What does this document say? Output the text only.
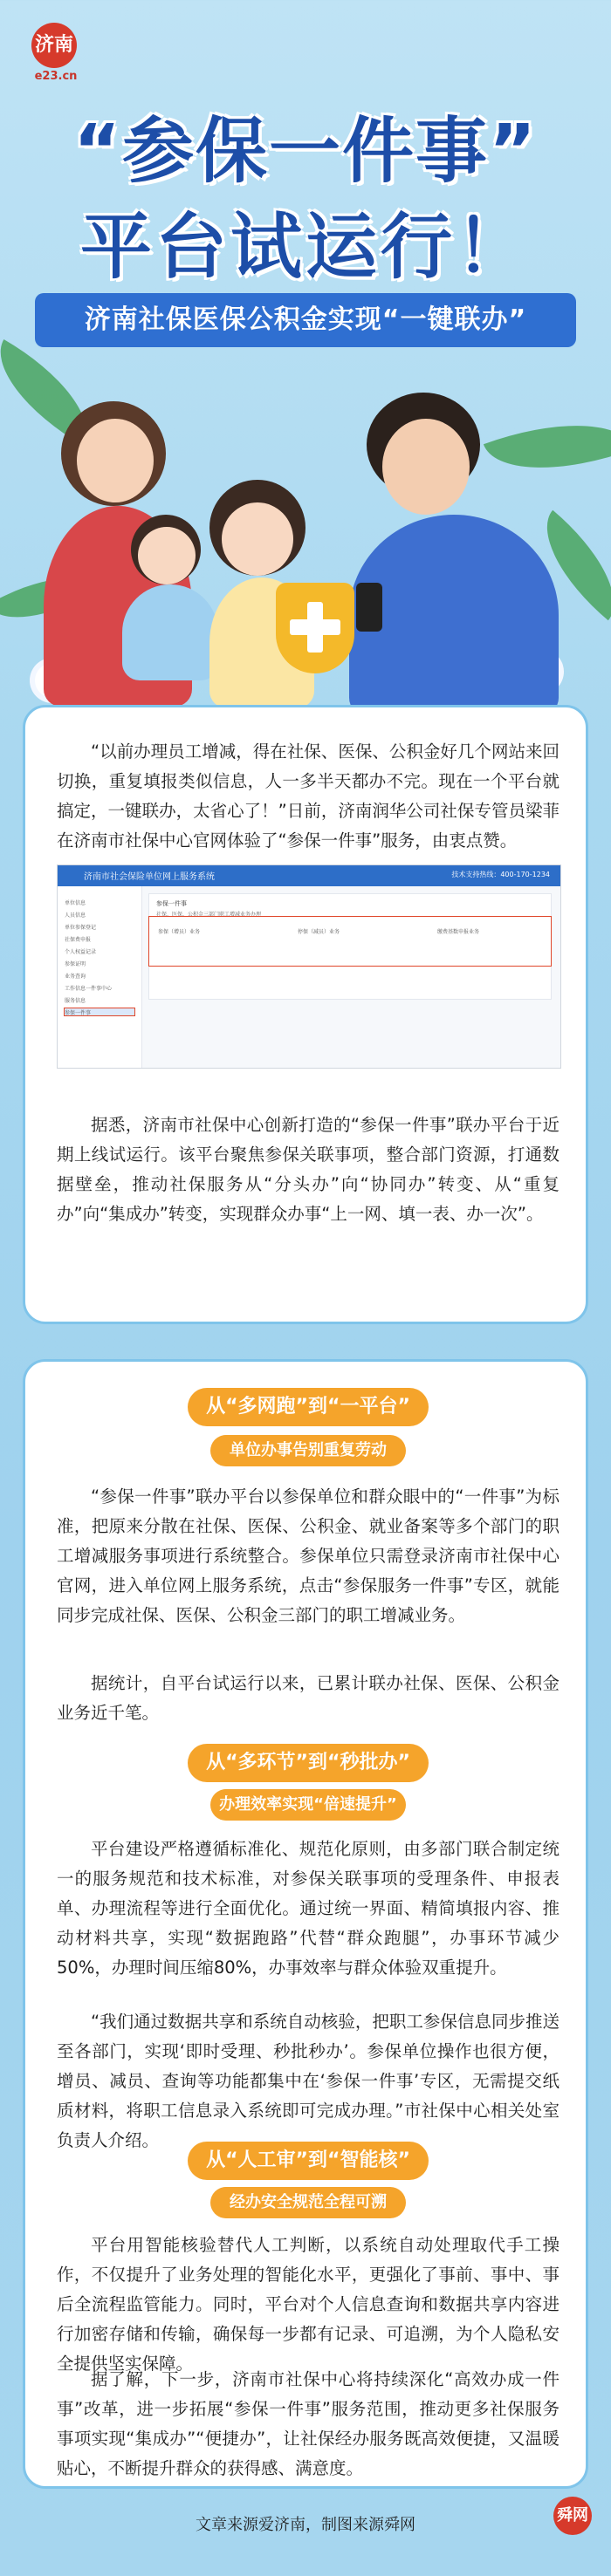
济南
e23.cn
“参保一件事”
平台试运行！
济南社保医保公积金实现“一键联办”

“以前办理员工增减，得在社保、医保、公积金好几个网站来回切换，重复填报类似信息，人一多半天都办不完。现在一个平台就搞定，一键联办，太省心了！”日前，济南润华公司社保专管员梁菲在济南市社保中心官网体验了“参保一件事”服务，由衷点赞。

济南市社会保险单位网上服务系统	技术支持热线：400-170-1234
单位信息
人员信息
单位参保登记
社保费申报
个人权益记录
参保证明
业务查询
工作信息一件事中心
服务信息
参保一件事
参保一件事
社保、医保、公积金三部门职工增减业务办理
参保（增员）业务	停保（减员）业务	缴费基数申报业务

据悉，济南市社保中心创新打造的“参保一件事”联办平台于近期上线试运行。该平台聚焦参保关联事项，整合部门资源，打通数据壁垒，推动社保服务从“分头办”向“协同办”转变、从“重复办”向“集成办”转变，实现群众办事“上一网、填一表、办一次”。

从“多网跑”到“一平台”
单位办事告别重复劳动

“参保一件事”联办平台以参保单位和群众眼中的“一件事”为标准，把原来分散在社保、医保、公积金、就业备案等多个部门的职工增减服务事项进行系统整合。参保单位只需登录济南市社保中心官网，进入单位网上服务系统，点击“参保服务一件事”专区，就能同步完成社保、医保、公积金三部门的职工增减业务。

据统计，自平台试运行以来，已累计联办社保、医保、公积金业务近千笔。

从“多环节”到“秒批办”
办理效率实现“倍速提升”

平台建设严格遵循标准化、规范化原则，由多部门联合制定统一的服务规范和技术标准，对参保关联事项的受理条件、申报表单、办理流程等进行全面优化。通过统一界面、精简填报内容、推动材料共享，实现“数据跑路”代替“群众跑腿”，办事环节减少50%，办理时间压缩80%，办事效率与群众体验双重提升。

“我们通过数据共享和系统自动核验，把职工参保信息同步推送至各部门，实现‘即时受理、秒批秒办’。参保单位操作也很方便，增员、减员、查询等功能都集中在‘参保一件事’专区，无需提交纸质材料，将职工信息录入系统即可完成办理。”市社保中心相关处室负责人介绍。

从“人工审”到“智能核”
经办安全规范全程可溯

平台用智能核验替代人工判断，以系统自动处理取代手工操作，不仅提升了业务处理的智能化水平，更强化了事前、事中、事后全流程监管能力。同时，平台对个人信息查询和数据共享内容进行加密存储和传输，确保每一步都有记录、可追溯，为个人隐私安全提供坚实保障。

据了解，下一步，济南市社保中心将持续深化“高效办成一件事”改革，进一步拓展“参保一件事”服务范围，推动更多社保服务事项实现“集成办”“便捷办”，让社保经办服务既高效便捷，又温暖贴心，不断提升群众的获得感、满意度。

文章来源爱济南，制图来源舜网
舜网
